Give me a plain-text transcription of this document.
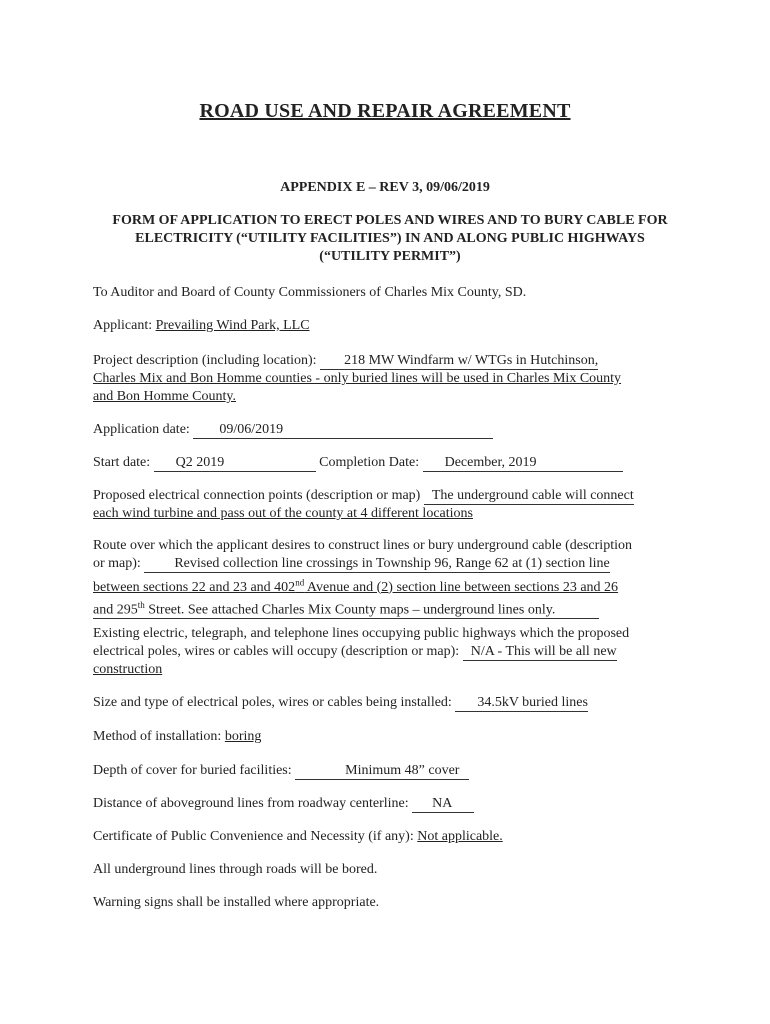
ROAD USE AND REPAIR AGREEMENT
APPENDIX E – REV 3, 09/06/2019
FORM OF APPLICATION TO ERECT POLES AND WIRES AND TO BURY CABLE FOR ELECTRICITY (“UTILITY FACILITIES”) IN AND ALONG PUBLIC HIGHWAYS (“UTILITY PERMIT”)
To Auditor and Board of County Commissioners of Charles Mix County, SD.
Applicant: Prevailing Wind Park, LLC
Project description (including location): 218 MW Windfarm w/ WTGs in Hutchinson,
Charles Mix and Bon Homme counties - only buried lines will be used in Charles Mix County
and Bon Homme County.
Application date: 09/06/2019
Start date: Q2 2019	Completion Date: December, 2019
Proposed electrical connection points (description or map) The underground cable will connect
each wind turbine and pass out of the county at 4 different locations
Route over which the applicant desires to construct lines or bury underground cable (description
or map): Revised collection line crossings in Township 96, Range 62 at (1) section line
between sections 22 and 23 and 402nd Avenue and (2) section line between sections 23 and 26
and 295th Street. See attached Charles Mix County maps – underground lines only.
Existing electric, telegraph, and telephone lines occupying public highways which the proposed
electrical poles, wires or cables will occupy (description or map): N/A - This will be all new
construction
Size and type of electrical poles, wires or cables being installed: 34.5kV buried lines
Method of installation: boring
Depth of cover for buried facilities:	Minimum 48” cover
Distance of aboveground lines from roadway centerline: NA
Certificate of Public Convenience and Necessity (if any): Not applicable.
All underground lines through roads will be bored.
Warning signs shall be installed where appropriate.
